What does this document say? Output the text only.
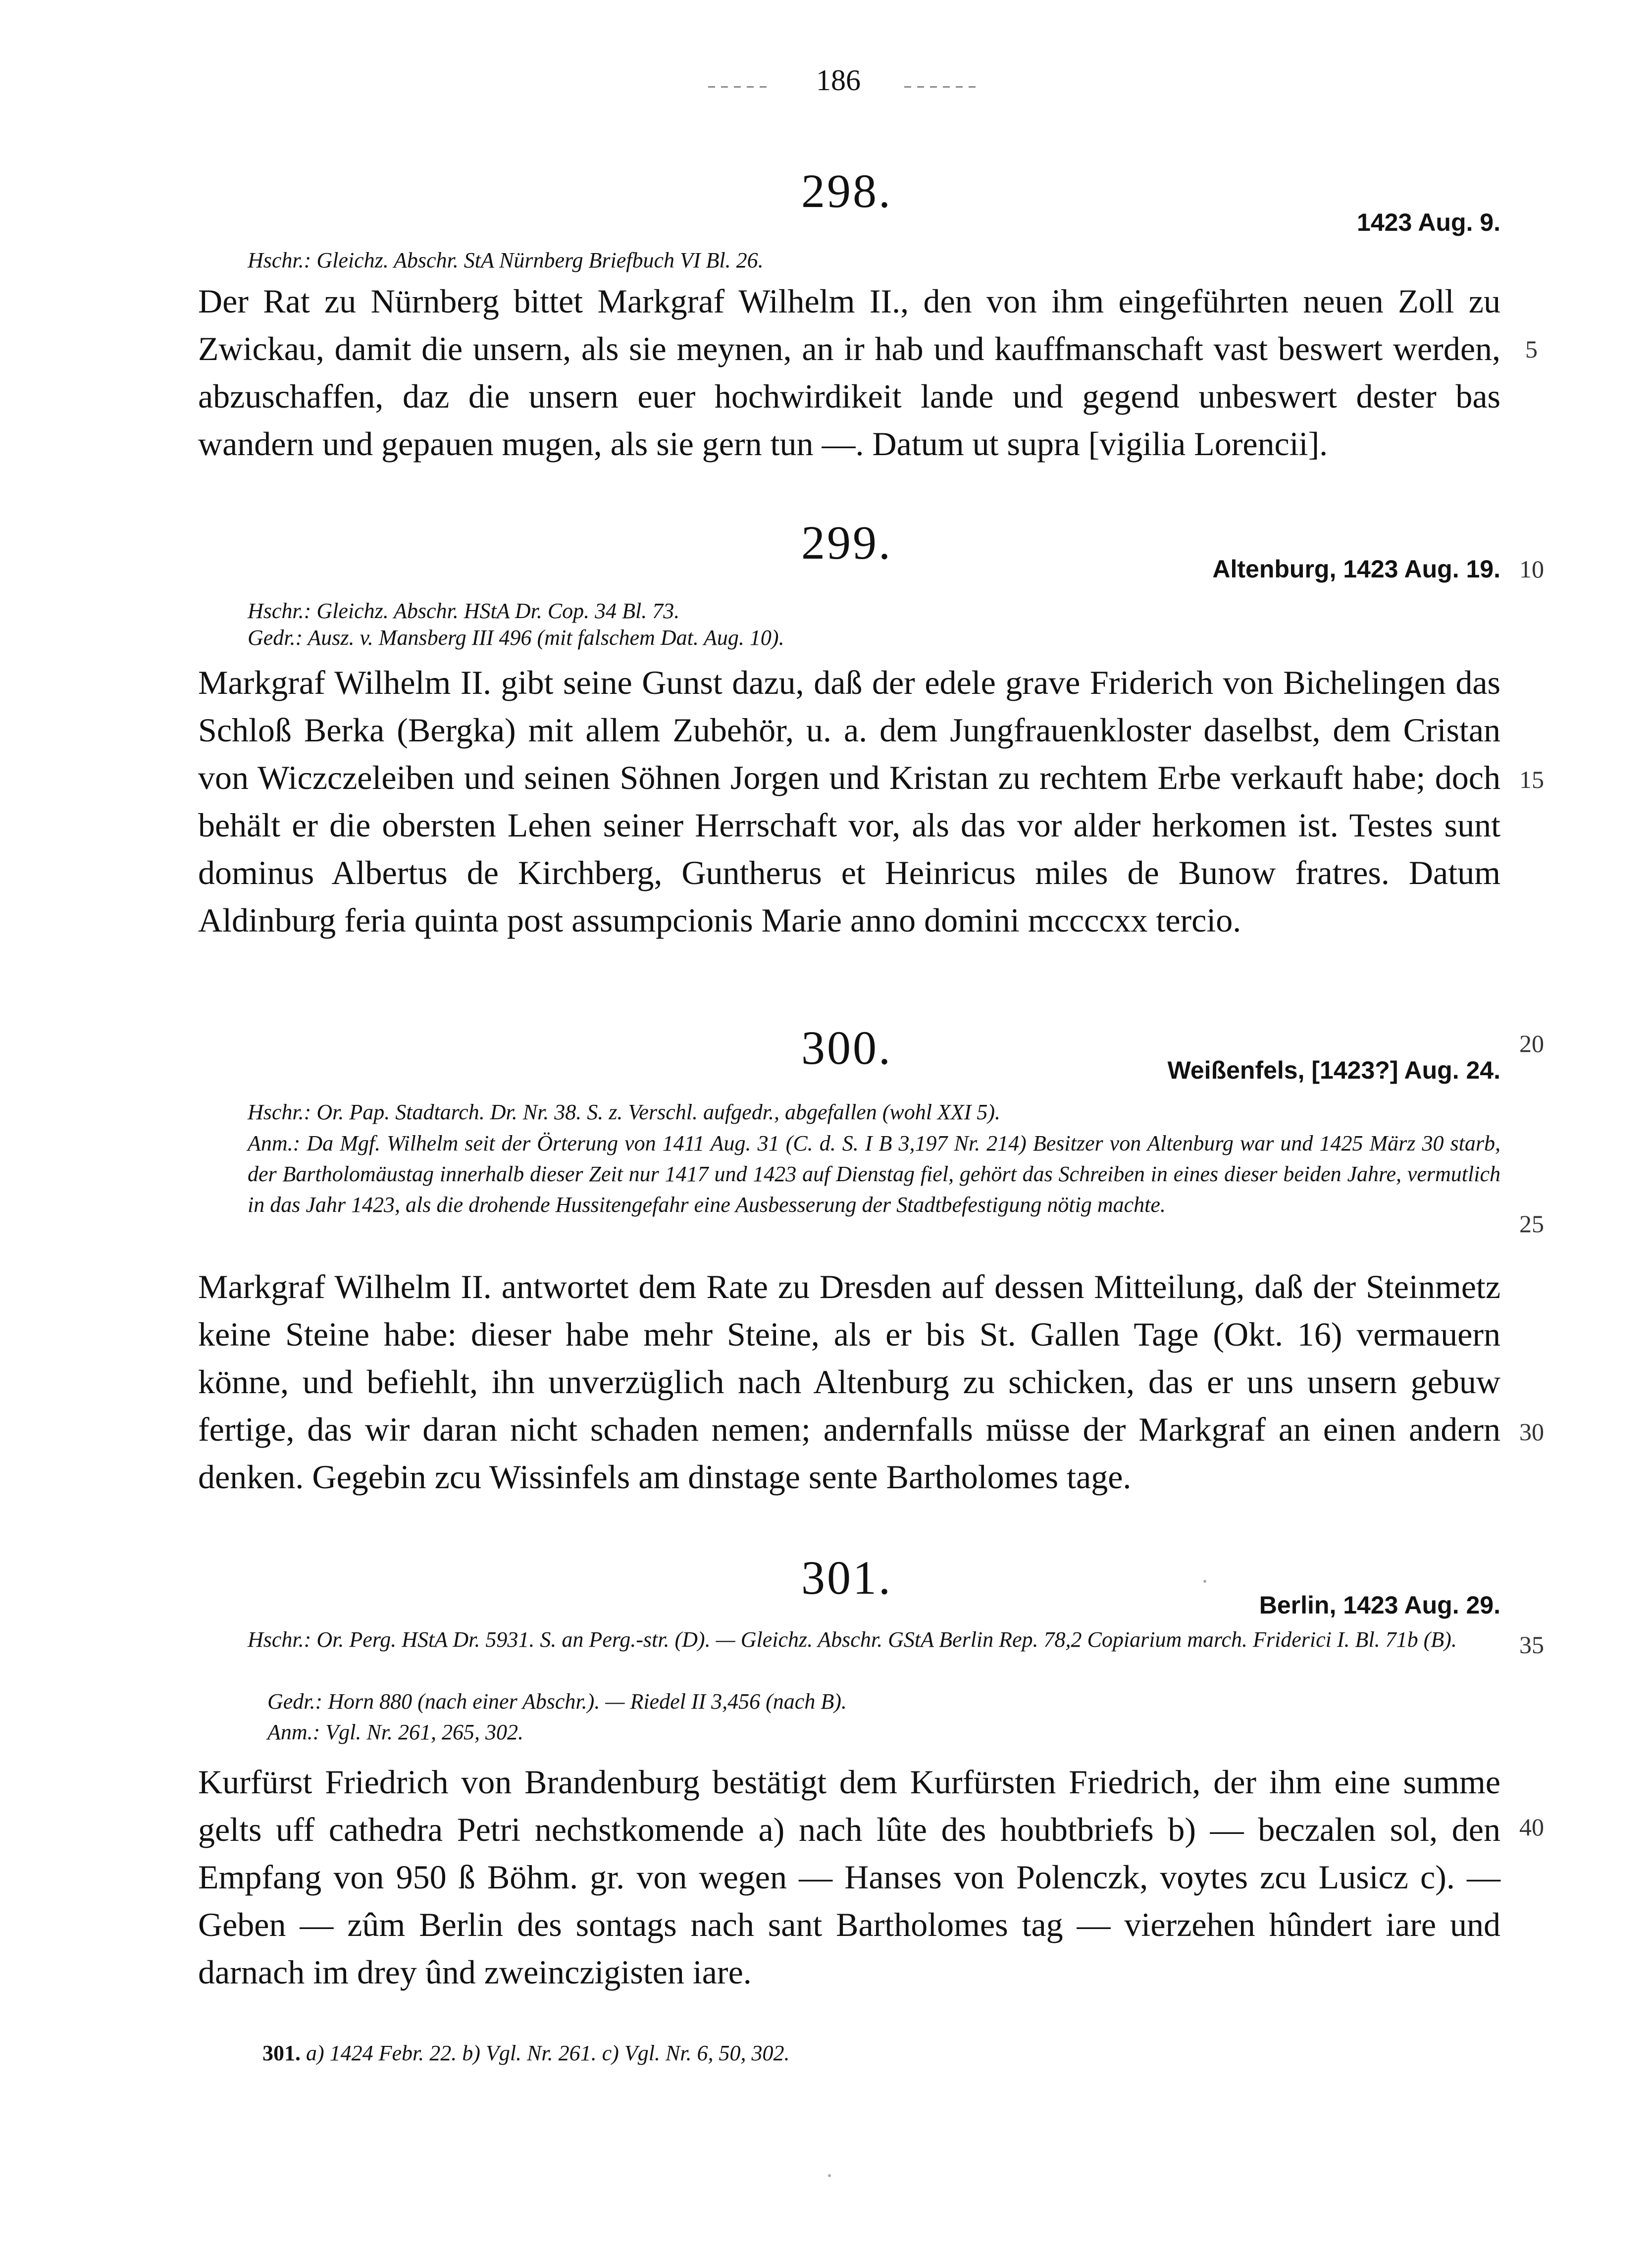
186
298.
1423 Aug. 9.
Hschr.: Gleichz. Abschr. StA Nürnberg Briefbuch VI Bl. 26.

Der Rat zu Nürnberg bittet Markgraf Wilhelm II., den von ihm eingeführten neuen Zoll zu Zwickau, damit die unsern, als sie meynen, an ir hab und kauffmanschaft vast beswert werden, abzuschaffen, daz die unsern euer hochwirdikeit lande und gegend unbeswert dester bas wandern und gepauen mugen, als sie gern tun —. Datum ut supra [vigilia Lorencii].

299.	Altenburg, 1423 Aug. 19.
Hschr.: Gleichz. Abschr. HStA Dr. Cop. 34 Bl. 73.
Gedr.: Ausz. v. Mansberg III 496 (mit falschem Dat. Aug. 10).

Markgraf Wilhelm II. gibt seine Gunst dazu, daß der edele grave Friderich von Bichelingen das Schloß Berka (Bergka) mit allem Zubehör, u. a. dem Jungfrauenkloster daselbst, dem Cristan von Wiczczeleiben und seinen Söhnen Jorgen und Kristan zu rechtem Erbe verkauft habe; doch behält er die obersten Lehen seiner Herrschaft vor, als das vor alder herkomen ist. Testes sunt dominus Albertus de Kirchberg, Guntherus et Heinricus miles de Bunow fratres. Datum Aldinburg feria quinta post assumpcionis Marie anno domini mccccxx tercio.

300.	Weißenfels, [1423?] Aug. 24.
Hschr.: Or. Pap. Stadtarch. Dr. Nr. 38. S. z. Verschl. aufgedr., abgefallen (wohl XXI 5).

Anm.: Da Mgf. Wilhelm seit der Örterung von 1411 Aug. 31 (C. d. S. I B 3,197 Nr. 214) Besitzer von Altenburg war und 1425 März 30 starb, der Bartholomäustag innerhalb dieser Zeit nur 1417 und 1423 auf Dienstag fiel, gehört das Schreiben in eines dieser beiden Jahre, vermutlich in das Jahr 1423, als die drohende Hussitengefahr eine Ausbesserung der Stadtbefestigung nötig machte.

Markgraf Wilhelm II. antwortet dem Rate zu Dresden auf dessen Mitteilung, daß der Steinmetz keine Steine habe: dieser habe mehr Steine, als er bis St. Gallen Tage (Okt. 16) vermauern könne, und befiehlt, ihn unverzüglich nach Altenburg zu schicken, das er uns unsern gebuw fertige, das wir daran nicht schaden nemen; andernfalls müsse der Markgraf an einen andern denken. Gegebin zcu Wissinfels am dinstage sente Bartholomes tage.

301.
Berlin, 1423 Aug. 29.

Hschr.: Or. Perg. HStA Dr. 5931. S. an Perg.-str. (D). — Gleichz. Abschr. GStA Berlin Rep. 78,2 Copiarium march. Friderici I. Bl. 71b (B).

Gedr.: Horn 880 (nach einer Abschr.). — Riedel II 3,456 (nach B).
Anm.: Vgl. Nr. 261, 265, 302.

Kurfürst Friedrich von Brandenburg bestätigt dem Kurfürsten Friedrich, der ihm eine summe gelts uff cathedra Petri nechstkomende a) nach lûte des houbtbriefs b) — beczalen sol, den Empfang von 950 ß Böhm. gr. von wegen — Hanses von Polenczk, voytes zcu Lusicz c). — Geben — zûm Berlin des sontags nach sant Bartholomes tag — vierzehen hûndert iare und darnach im drey ûnd zweinczigisten iare.

301. a) 1424 Febr. 22. b) Vgl. Nr. 261. c) Vgl. Nr. 6, 50, 302.
5
10
15
20
25
30
35
40
